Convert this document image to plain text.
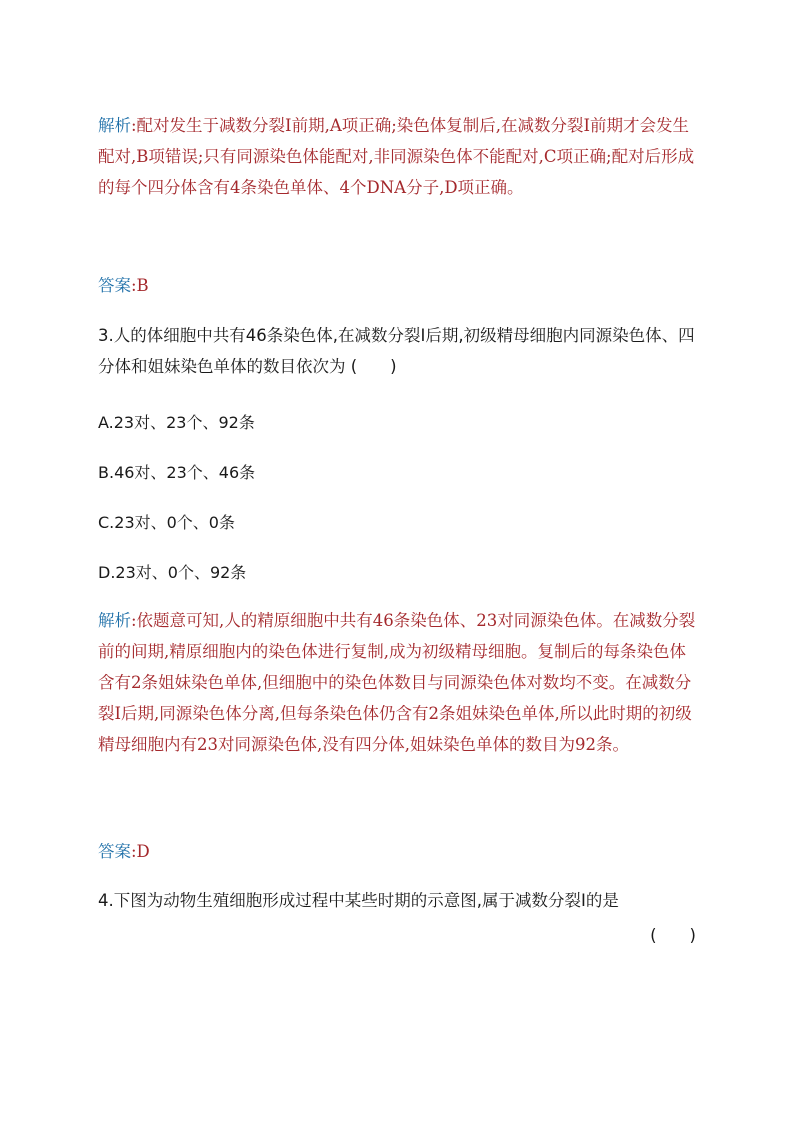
解析:配对发生于减数分裂Ⅰ前期,A项正确;染色体复制后,在减数分裂Ⅰ前期才会发生配对,B项错误;只有同源染色体能配对,非同源染色体不能配对,C项正确;配对后形成的每个四分体含有4条染色单体、4个DNA分子,D项正确。

答案:B

3.人的体细胞中共有46条染色体,在减数分裂Ⅰ后期,初级精母细胞内同源染色体、四分体和姐妹染色单体的数目依次为 (　　)

A.23对、23个、92条

B.46对、23个、46条

C.23对、0个、0条

D.23对、0个、92条

解析:依题意可知,人的精原细胞中共有46条染色体、23对同源染色体。在减数分裂前的间期,精原细胞内的染色体进行复制,成为初级精母细胞。复制后的每条染色体含有2条姐妹染色单体,但细胞中的染色体数目与同源染色体对数均不变。在减数分裂Ⅰ后期,同源染色体分离,但每条染色体仍含有2条姐妹染色单体,所以此时期的初级精母细胞内有23对同源染色体,没有四分体,姐妹染色单体的数目为92条。

答案:D

4.下图为动物生殖细胞形成过程中某些时期的示意图,属于减数分裂Ⅰ的是

(　　)
